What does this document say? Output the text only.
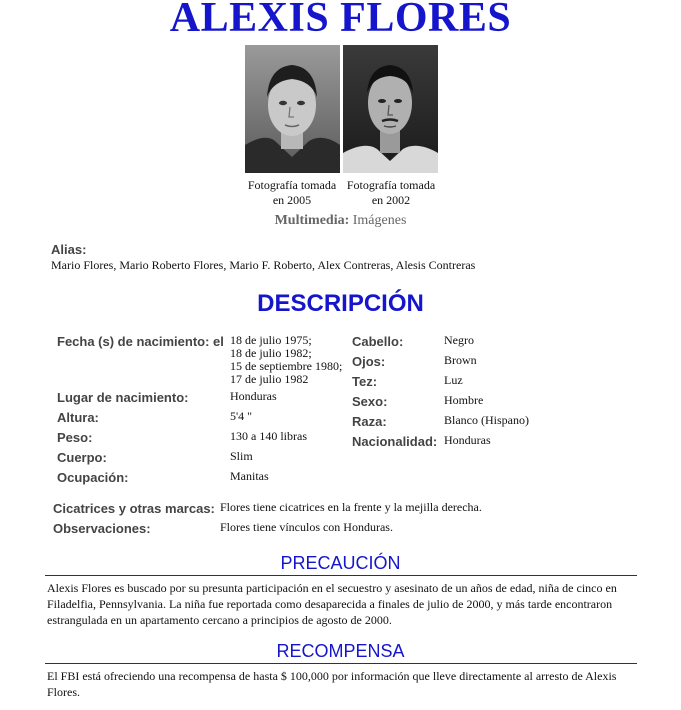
ALEXIS FLORES
Fotografía tomada
en 2005
Fotografía tomada
en 2002
Multimedia: Imágenes
Alias:
Mario Flores, Mario Roberto Flores, Mario F. Roberto, Alex Contreras, Alesis Contreras
DESCRIPCIÓN
Fecha (s) de nacimiento: el 18 de julio 1975;
18 de julio 1982;
15 de septiembre 1980;
17 de julio 1982
Lugar de nacimiento:	Honduras
Altura:	5'4 "
Peso:	130 a 140 libras
Cuerpo:	Slim
Ocupación:	Manitas
Cabello:	Negro
Ojos:	Brown
Tez:	Luz
Sexo:	Hombre
Raza:	Blanco (Hispano)
Nacionalidad: Honduras
Cicatrices y otras marcas: Flores tiene cicatrices en la frente y la mejilla derecha.
Observaciones:	Flores tiene vínculos con Honduras.
PRECAUCIÓN
Alexis Flores es buscado por su presunta participación en el secuestro y asesinato de un años de edad, niña de cinco en Filadelfia, Pennsylvania. La niña fue reportada como desaparecida a finales de julio de 2000, y más tarde encontraron estrangulada en un apartamento cercano a principios de agosto de 2000.
RECOMPENSA
El FBI está ofreciendo una recompensa de hasta $ 100,000 por información que lleve directamente al arresto de Alexis Flores.
